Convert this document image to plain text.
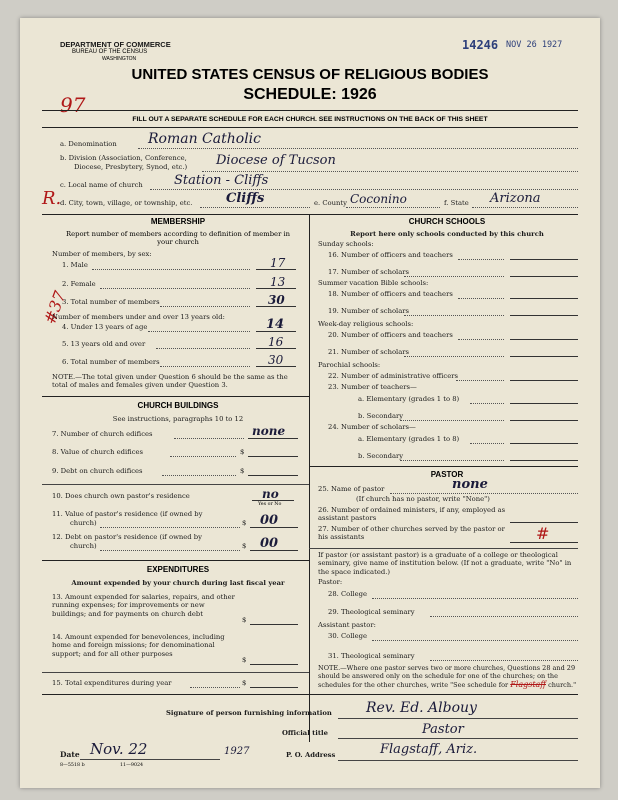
DEPARTMENT OF COMMERCE
BUREAU OF THE CENSUS
WASHINGTON
14246 NOV 26 1927
UNITED STATES CENSUS OF RELIGIOUS BODIES
SCHEDULE: 1926
97
FILL OUT A SEPARATE SCHEDULE FOR EACH CHURCH. SEE INSTRUCTIONS ON THE BACK OF THIS SHEET
a. Denomination Roman Catholic
b. Division (Association, Conference,
Diocese, Presbytery, Synod, etc.) Diocese of Tucson
c. Local name of church Station - Cliffs
R.
d. City, town, village, or township, etc.	Cliffs	e. County Coconino	f. State Arizona
MEMBERSHIP
Report number of members according to definition of member in your church
Number of members, by sex:
1. Male	17
2. Female	13
3. Total number of members	30
#37
Number of members under and over 13 years old:
4. Under 13 years of age	14
5. 13 years old and over	16
6. Total number of members	30
NOTE.—The total given under Question 6 should be the same as the total of males and females given under Question 3.
CHURCH BUILDINGS
See instructions, paragraphs 10 to 12
7. Number of church edifices	none
8. Value of church edifices	$
9. Debt on church edifices	$
10. Does church own pastor's residence	no
Yes or No
11. Value of pastor's residence (if owned by
church)	$ 00
12. Debt on pastor's residence (if owned by
church)	$ 00
EXPENDITURES
Amount expended by your church during last fiscal year
13. Amount expended for salaries, repairs, and other running expenses; for improvements or new buildings; and for payments on church debt
$
14. Amount expended for benevolences, including home and foreign missions; for denominational support; and for all other purposes
$
15. Total expenditures during year	$
CHURCH SCHOOLS
Report here only schools conducted by this church
Sunday schools:
16. Number of officers and teachers
17. Number of scholars
Summer vacation Bible schools:
18. Number of officers and teachers
19. Number of scholars
Week-day religious schools:
20. Number of officers and teachers
21. Number of scholars
Parochial schools:
22. Number of administrative officers
23. Number of teachers—
a. Elementary (grades 1 to 8)
b. Secondary
24. Number of scholars—
a. Elementary (grades 1 to 8)
b. Secondary
PASTOR
25. Name of pastor	none
(If church has no pastor, write "None")
26. Number of ordained ministers, if any, employed as assistant pastors
27. Number of other churches served by the pastor or his assistants	#
If pastor (or assistant pastor) is a graduate of a college or theological seminary, give name of institution below. (If not a graduate, write "No" in the space indicated.)
Pastor:
28. College
29. Theological seminary
Assistant pastor:
30. College
31. Theological seminary
NOTE.—Where one pastor serves two or more churches, Questions 28 and 29 should be answered only on the schedule for one of the churches; on the schedules for the other churches, write "See schedule for Flagstaff church."
Signature of person furnishing information Rev. Ed. Albouy
Official title	Pastor
Date Nov. 22	1927	P. O. Address	Flagstaff, Ariz.
8—5518 b	11—9024
